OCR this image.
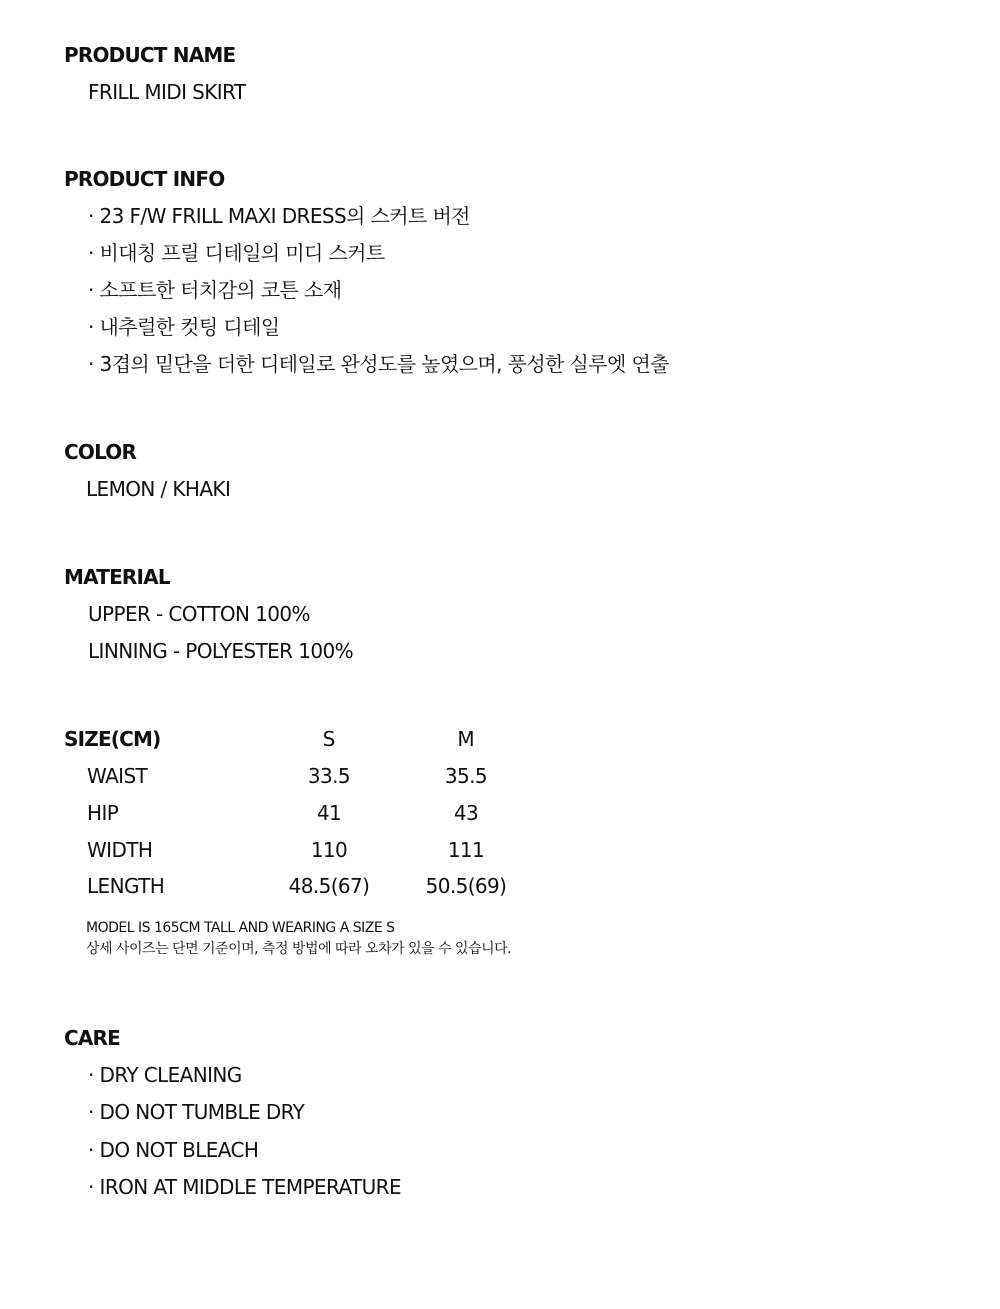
PRODUCT NAME
FRILL MIDI SKIRT
PRODUCT INFO
· 23 F/W FRILL MAXI DRESS의 스커트 버전
· 비대칭 프릴 디테일의 미디 스커트
· 소프트한 터치감의 코튼 소재
· 내추럴한 컷팅 디테일
· 3겹의 밑단을 더한 디테일로 완성도를 높였으며, 풍성한 실루엣 연출
COLOR
LEMON / KHAKI
MATERIAL
UPPER - COTTON 100%
LINNING - POLYESTER 100%
SIZE(CM)	S	M
WAIST	33.5	35.5
HIP	41	43
WIDTH	110	111
LENGTH	48.5(67)	50.5(69)
MODEL IS 165CM TALL AND WEARING A SIZE S
상세 사이즈는 단면 기준이며, 측정 방법에 따라 오차가 있을 수 있습니다.
CARE
· DRY CLEANING
· DO NOT TUMBLE DRY
· DO NOT BLEACH
· IRON AT MIDDLE TEMPERATURE
